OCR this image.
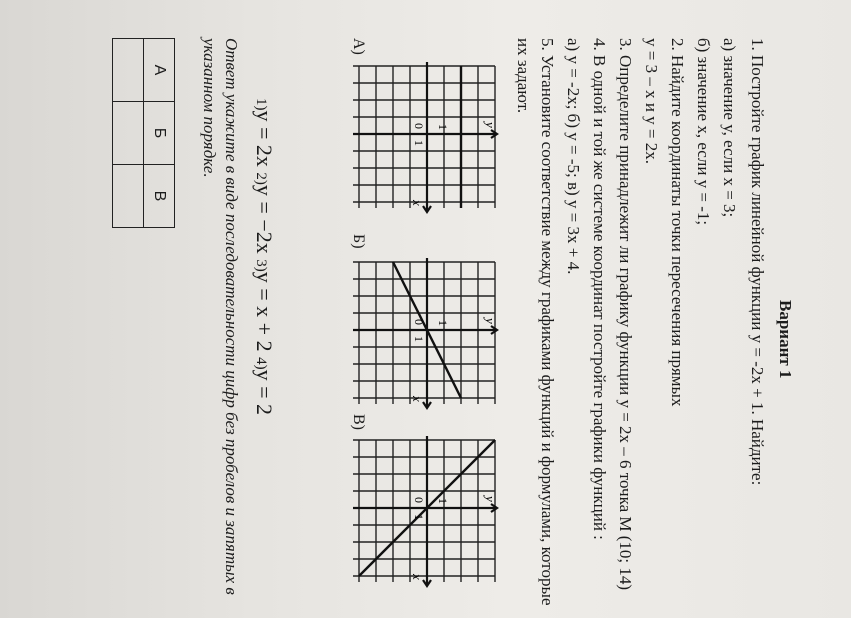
Вариант 1
1. Постройте график линейной функции y = -2x + 1. Найдите:
а) значение y, если x = 3;
б) значение x, если y = -1;
2. Найдите координаты точки пересечения прямых
y = 3 – x и y = 2x.
3. Определите принадлежит ли графику функции y = 2x – 6 точка M (10; 14)
4. В одной и той же системе координат постройте графики функций :
а) y = -2x; б) y = -5; в) y = 3x + 4.
5. Установите соответствие между графиками функций и формулами, которые
их задают.
А)
y
x
0
1
1
Б)
y
x
0
1
1
В)
y
x
0
1
1
1)y = 2x 2)y = −2x 3)y = x + 2 4)y = 2
Ответ укажите в виде последовательности цифр без пробелов и запятых в
указанном порядке.
А	Б	В
